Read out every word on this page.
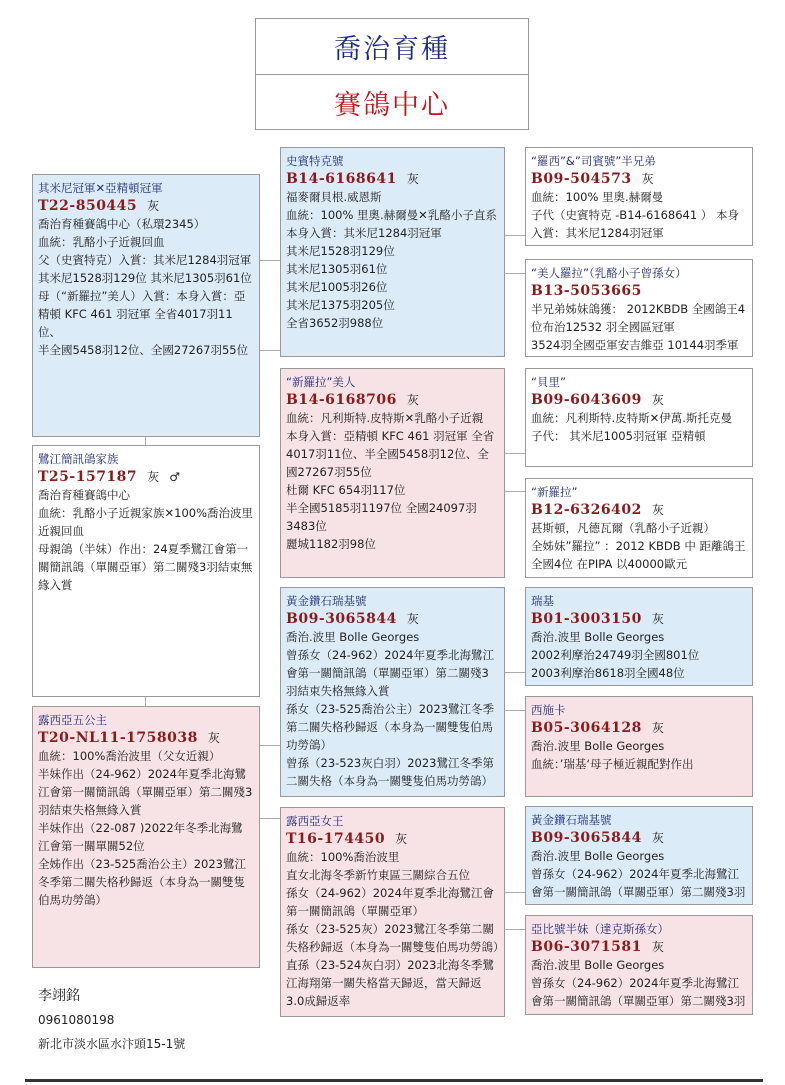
喬治育種
賽鴿中心
其米尼冠軍✕亞精頓冠軍
T22-850445 灰

喬治育種賽鴿中心（私環2345）

血統：乳酪小子近親回血

父（史賓特克）入賞：其米尼1284羽冠軍 其米尼1528羽129位 其米尼1305羽61位

母（“新羅拉”美人）入賞：本身入賞：亞精頓 KFC 461 羽冠軍 全省4017羽11位、

半全國5458羽12位、全國27267羽55位

鷺江簡訊鴿家族
T25-157187 灰 ♂

喬治育種賽鴿中心

血統：乳酪小子近親家族✕100%喬治波里近親回血

母親鴿（半妹）作出：24夏季鷺江會第一關簡訊鴿（單關亞軍）第二關殘3羽結束無緣入賞

露西亞五公主
T20-NL11-1758038 灰

血統：100%喬治波里（父女近親）

半妹作出（24-962）2024年夏季北海鷺江會第一關簡訊鴿（單關亞軍）第二關殘3羽結束失格無緣入賞

半妹作出（22-087 )2022年冬季北海鷺江會第一關單關52位

全姊作出（23-525喬治公主）2023鷺江冬季第二關失格秒歸返（本身為一關雙隻伯馬功勞鴿）

史賓特克號
B14-6168641 灰

福麥爾貝根.威恩斯

血統：100% 里奧.赫爾曼✕乳酪小子直系

本身入賞：其米尼1284羽冠軍

其米尼1528羽129位

其米尼1305羽61位

其米尼1005羽26位

其米尼1375羽205位

全省3652羽988位

“新羅拉”美人
B14-6168706 灰

血統：凡利斯特.皮特斯✕乳酪小子近親

本身入賞：亞精頓 KFC 461 羽冠軍 全省4017羽11位、半全國5458羽12位、全國27267羽55位

杜爾 KFC 654羽117位

半全國5185羽1197位 全國24097羽3483位

麗城1182羽98位

黃金鑽石瑞基號
B09-3065844 灰

喬治.波里 Bolle Georges

曾孫女（24-962）2024年夏季北海鷺江會第一關簡訊鴿（單關亞軍）第二關殘3羽結束失格無緣入賞

孫女（23-525喬治公主）2023鷺江冬季第二關失格秒歸返（本身為一關雙隻伯馬功勞鴿）

曾孫（23-523灰白羽）2023鷺江冬季第二關失格（本身為一關雙隻伯馬功勞鴿）

露西亞女王
T16-174450 灰

血統：100%喬治波里

直女北海冬季新竹東區三關綜合五位

孫女（24-962）2024年夏季北海鷺江會第一關簡訊鴿（單關亞軍）

孫女（23-525灰）2023鷺江冬季第二關失格秒歸返（本身為一關雙隻伯馬功勞鴿）

直孫（23-524灰白羽）2023北海冬季鷺江海翔第一關失格當天歸返，當天歸返3.0成歸返率

“羅西”&”司賓號”半兄弟
B09-504573 灰

血統：100% 里奧.赫爾曼

子代（史賓特克 -B14-6168641 ） 本身入賞：其米尼1284羽冠軍

“美人羅拉”（乳酪小子曾孫女）
B13-5053665

半兄弟姊妹鴿獲： 2012KBDB 全國鴿王4位布治12532 羽全國區冠軍

3524羽全國亞軍安吉維亞 10144羽季軍

“貝里”
B09-6043609 灰

血統：凡利斯特.皮特斯✕伊萬.斯托克曼

子代： 其米尼1005羽冠軍 亞精頓

“新羅拉”
B12-6326402 灰

甚斯頓，凡德瓦爾（乳酪小子近親）

全姊妹”羅拉” ：2012 KBDB 中 距離鴿王全國4位 在PIPA 以40000歐元

瑞基
B01-3003150 灰

喬治.波里 Bolle Georges

2002利摩治24749羽全國801位

2003利摩治8618羽全國48位

西施卡
B05-3064128 灰

喬治.波里 Bolle Georges

血統：’瑞基‘母子極近親配對作出

黃金鑽石瑞基號
B09-3065844 灰

喬治.波里 Bolle Georges

曾孫女（24-962）2024年夏季北海鷺江會第一關簡訊鴿（單關亞軍）第二關殘3羽

亞比號半妹（達克斯孫女）
B06-3071581 灰

喬治.波里 Bolle Georges

曾孫女（24-962）2024年夏季北海鷺江會第一關簡訊鴿（單關亞軍）第二關殘3羽

李翊銘
0961080198
新北市淡水區水汴頭15-1號
